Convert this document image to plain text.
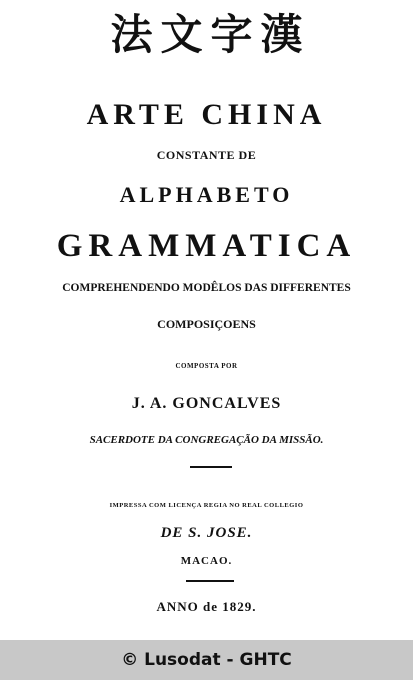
法文字漢
ARTE CHINA
CONSTANTE DE
ALPHABETO
GRAMMATICA
COMPREHENDENDO MODÊLOS DAS DIFFERENTES
COMPOSIÇOENS
COMPOSTA POR
J. A. GONCALVES
SACERDOTE DA CONGREGAÇÃO DA MISSÃO.
IMPRESSA COM LICENÇA REGIA NO REAL COLLEGIO
DE S. JOSE.
MACAO.
ANNO de 1829.
© Lusodat - GHTC
